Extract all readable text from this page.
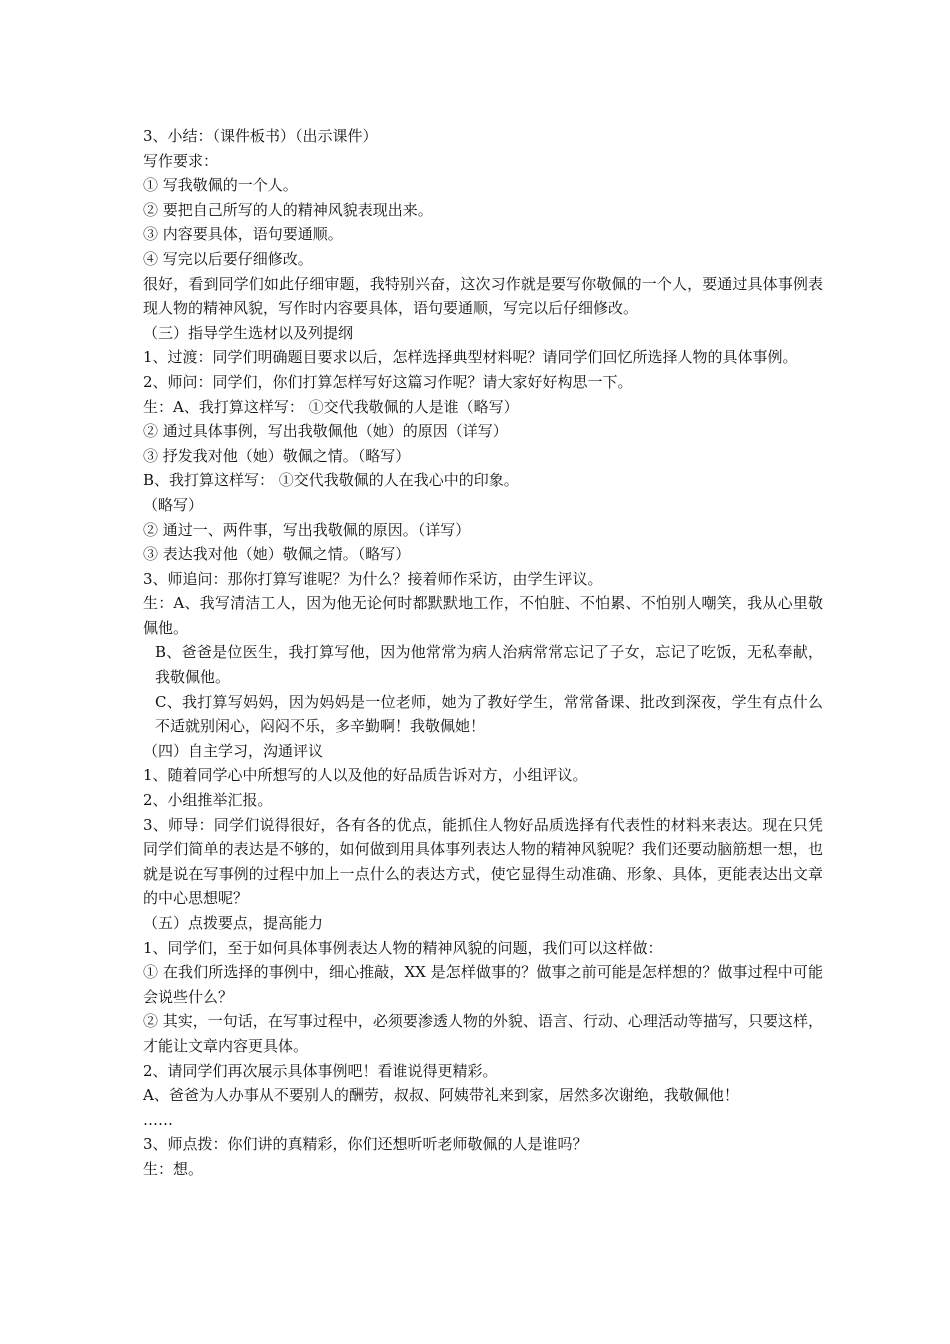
3、小结：（课件板书）（出示课件）

写作要求：

① 写我敬佩的一个人。

② 要把自己所写的人的精神风貌表现出来。

③ 内容要具体，语句要通顺。

④ 写完以后要仔细修改。

很好，看到同学们如此仔细审题，我特别兴奋，这次习作就是要写你敬佩的一个人，要通过具体事例表现人物的精神风貌，写作时内容要具体，语句要通顺，写完以后仔细修改。

（三）指导学生选材以及列提纲

1、过渡：同学们明确题目要求以后，怎样选择典型材料呢？请同学们回忆所选择人物的具体事例。

2、师问：同学们，你们打算怎样写好这篇习作呢？请大家好好构思一下。

生：A、我打算这样写： ①交代我敬佩的人是谁（略写）

② 通过具体事例，写出我敬佩他（她）的原因（详写）

③ 抒发我对他（她）敬佩之情。（略写）

B、我打算这样写： ①交代我敬佩的人在我心中的印象。

（略写）

② 通过一、两件事，写出我敬佩的原因。（详写）

③ 表达我对他（她）敬佩之情。（略写）

3、师追问：那你打算写谁呢？为什么？接着师作采访，由学生评议。

生：A、我写清洁工人，因为他无论何时都默默地工作，不怕脏、不怕累、不怕别人嘲笑，我从心里敬佩他。

B、爸爸是位医生，我打算写他，因为他常常为病人治病常常忘记了子女，忘记了吃饭，无私奉献，我敬佩他。

C、我打算写妈妈，因为妈妈是一位老师，她为了教好学生，常常备课、批改到深夜，学生有点什么不适就别闲心，闷闷不乐，多辛勤啊！我敬佩她！

（四）自主学习，沟通评议

1、随着同学心中所想写的人以及他的好品质告诉对方，小组评议。

2、小组推举汇报。

3、师导：同学们说得很好，各有各的优点，能抓住人物好品质选择有代表性的材料来表达。现在只凭同学们简单的表达是不够的，如何做到用具体事列表达人物的精神风貌呢？我们还要动脑筋想一想，也就是说在写事例的过程中加上一点什么的表达方式，使它显得生动准确、形象、具体，更能表达出文章的中心思想呢？

（五）点拨要点，提高能力

1、同学们，至于如何具体事例表达人物的精神风貌的问题，我们可以这样做：

① 在我们所选择的事例中，细心推敲，XX 是怎样做事的？做事之前可能是怎样想的？做事过程中可能会说些什么？

② 其实，一句话，在写事过程中，必须要渗透人物的外貌、语言、行动、心理活动等描写，只要这样，才能让文章内容更具体。

2、请同学们再次展示具体事例吧！看谁说得更精彩。

A、爸爸为人办事从不要别人的酬劳，叔叔、阿姨带礼来到家，居然多次谢绝，我敬佩他！

……

3、师点拨：你们讲的真精彩，你们还想听听老师敬佩的人是谁吗？

生：想。
